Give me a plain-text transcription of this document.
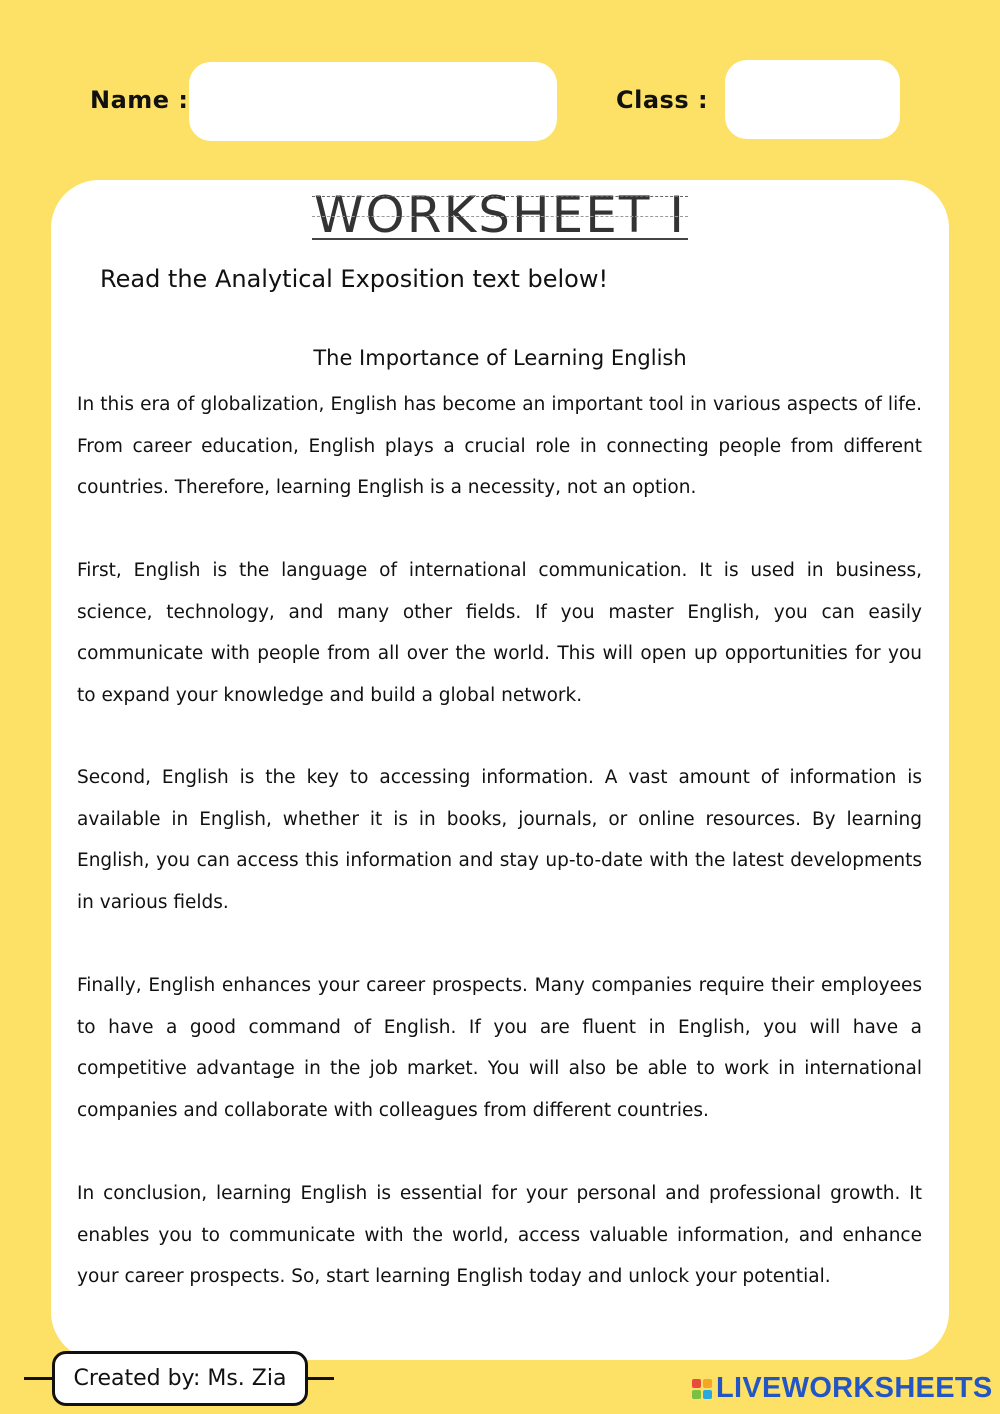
Name :	Class :
WORKSHEET I
Read the Analytical Exposition text below!
The Importance of Learning English

In this era of globalization, English has become an important tool in various aspects of life. From career education, English plays a crucial role in connecting people from different countries. Therefore, learning English is a necessity, not an option.

First, English is the language of international communication. It is used in business, science, technology, and many other fields. If you master English, you can easily communicate with people from all over the world. This will open up opportunities for you to expand your knowledge and build a global network.

Second, English is the key to accessing information. A vast amount of information is available in English, whether it is in books, journals, or online resources. By learning English, you can access this information and stay up-to-date with the latest developments in various fields.

Finally, English enhances your career prospects. Many companies require their employees to have a good command of English. If you are fluent in English, you will have a competitive advantage in the job market. You will also be able to work in international companies and collaborate with colleagues from different countries.

In conclusion, learning English is essential for your personal and professional growth. It enables you to communicate with the world, access valuable information, and enhance your career prospects. So, start learning English today and unlock your potential.

Created by: Ms. Zia	LIVEWORKSHEETS
